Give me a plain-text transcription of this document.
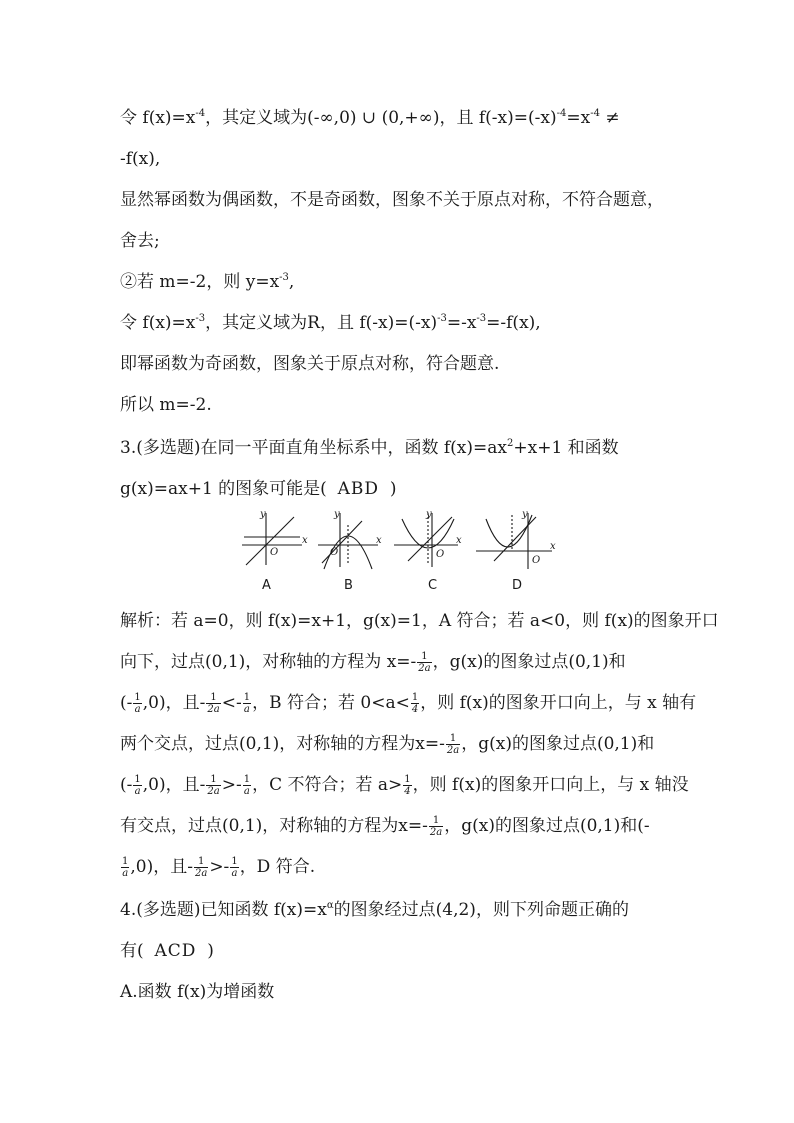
令 $f(x)=x^{-4}$，其定义域为(-∞,0) ∪ (0,+∞)，且 $f(-x)=(-x)^{-4}=x^{-4}$ ≠
-f(x),
显然幂函数为偶函数，不是奇函数，图象不关于原点对称，不符合题意，
舍去;
②若 m=-2，则 $y=x^{-3}$,
令 $f(x)=x^{-3}$，其定义域为R，且 $f(-x)=(-x)^{-3}=-x^{-3}=-f(x)$,
即幂函数为奇函数，图象关于原点对称，符合题意.
所以 m=-2.
3.(多选题)在同一平面直角坐标系中，函数 $f(x)=ax^2+x+1$ 和函数
g(x)=ax+1 的图象可能是( ABD )
y
x
O
y
x
O
y
x
O
y
x
O
A	B	C	D
解析：若 a=0，则 f(x)=x+1，g(x)=1，A 符合；若 a<0，则 f(x)的图象开口
向下，过点(0,1)，对称轴的方程为 $x=- \frac{1}{2a}$ ，g(x)的图象过点(0,1)和
(- $\frac{1}{a} ,0$)，且- $\frac{1}{2a} <- \frac{1}{a}$ ，B 符合；若 $0<a< \frac{1}{4}$ ，则 f(x)的图象开口向上，与 x 轴有
两个交点，过点(0,1)，对称轴的方程为$x=- \frac{1}{2a}$ ，g(x)的图象过点(0,1)和
(- $\frac{1}{a} ,0$)，且- $\frac{1}{2a} >- \frac{1}{a}$ ，C 不符合；若 $a> \frac{1}{4}$ ，则 f(x)的图象开口向上，与 x 轴没
有交点，过点(0,1)，对称轴的方程为$x=- \frac{1}{2a}$ ，g(x)的图象过点(0,1)和(-
$\frac{1}{a} ,0$)，且- $\frac{1}{2a} >- \frac{1}{a}$ ，D 符合.
4.(多选题)已知函数 $f(x)=x^\alpha$的图象经过点(4,2)，则下列命题正确的
有( ACD )
A.函数 f(x)为增函数
